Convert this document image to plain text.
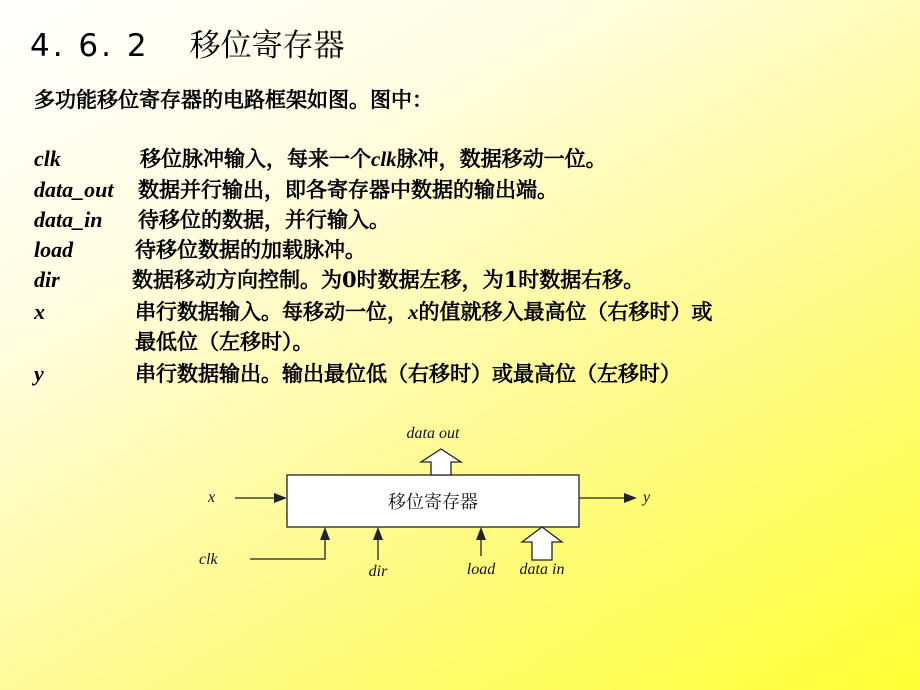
4. 6. 2 移位寄存器
多功能移位寄存器的电路框架如图。图中：
clk	移位脉冲输入，每来一个clk脉冲，数据移动一位。
data_out 数据并行输出，即各寄存器中数据的输出端。
data_in 待移位的数据，并行输入。
load	待移位数据的加载脉冲。
dir	数据移动方向控制。为0时数据左移，为1时数据右移。
x	串行数据输入。每移动一位，x的值就移入最高位（右移时）或
最低位（左移时）。
y	串行数据输出。输出最位低（右移时）或最高位（左移时）
移位寄存器
x	y
data out
clk
dir	load data in
